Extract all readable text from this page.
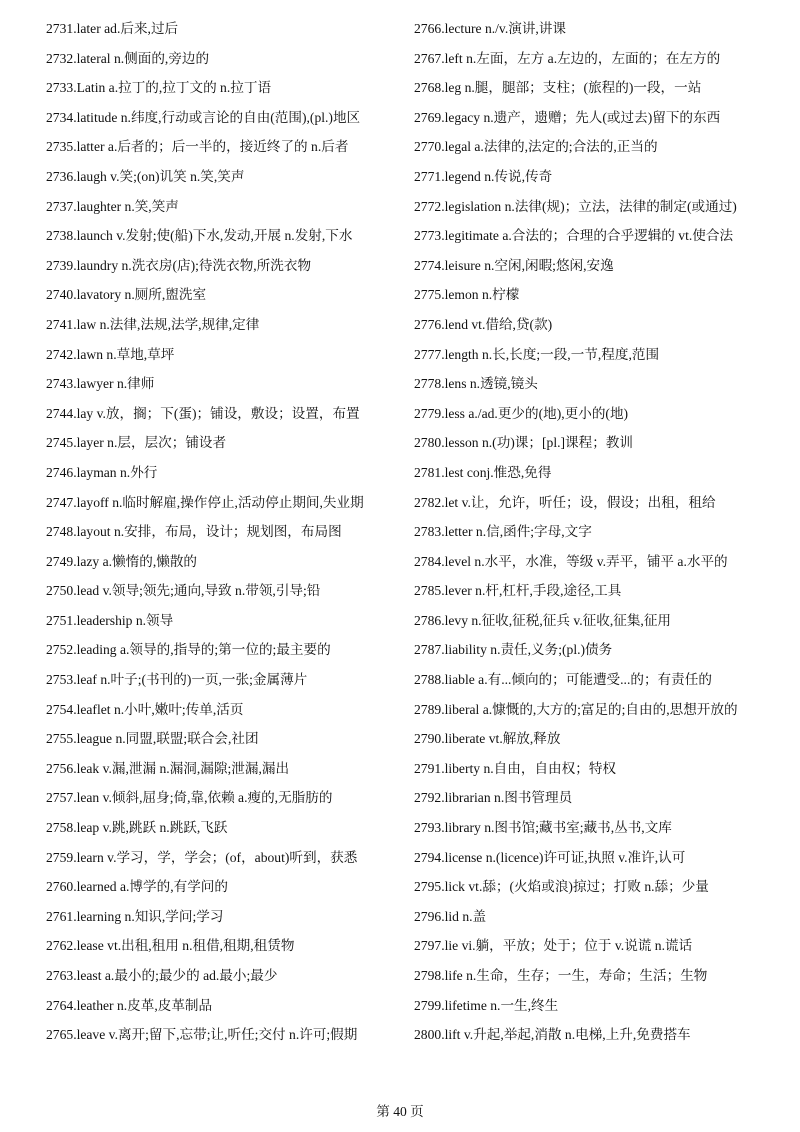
2731.later ad.后来,过后
2732.lateral n.侧面的,旁边的
2733.Latin a.拉丁的,拉丁文的 n.拉丁语
2734.latitude n.纬度,行动或言论的自由(范围),(pl.)地区
2735.latter a.后者的；后一半的，接近终了的 n.后者
2736.laugh v.笑;(on)讥笑 n.笑,笑声
2737.laughter n.笑,笑声
2738.launch v.发射;使(船)下水,发动,开展 n.发射,下水
2739.laundry n.洗衣房(店);待洗衣物,所洗衣物
2740.lavatory n.厕所,盥洗室
2741.law n.法律,法规,法学,规律,定律
2742.lawn n.草地,草坪
2743.lawyer n.律师
2744.lay v.放，搁；下(蛋)；铺设，敷设；设置，布置
2745.layer n.层，层次；铺设者
2746.layman n.外行
2747.layoff n.临时解雇,操作停止,活动停止期间,失业期
2748.layout n.安排，布局，设计；规划图，布局图
2749.lazy a.懒惰的,懒散的
2750.lead v.领导;领先;通向,导致 n.带领,引导;铅
2751.leadership n.领导
2752.leading a.领导的,指导的;第一位的;最主要的
2753.leaf n.叶子;(书刊的)一页,一张;金属薄片
2754.leaflet n.小叶,嫩叶;传单,活页
2755.league n.同盟,联盟;联合会,社团
2756.leak v.漏,泄漏 n.漏洞,漏隙;泄漏,漏出
2757.lean v.倾斜,屈身;倚,靠,依赖 a.瘦的,无脂肪的
2758.leap v.跳,跳跃 n.跳跃,飞跃
2759.learn v.学习，学，学会；(of，about)听到，获悉
2760.learned a.博学的,有学问的
2761.learning n.知识,学问;学习
2762.lease vt.出租,租用 n.租借,租期,租赁物
2763.least a.最小的;最少的 ad.最小;最少
2764.leather n.皮革,皮革制品
2765.leave v.离开;留下,忘带;让,听任;交付 n.许可;假期
2766.lecture n./v.演讲,讲课
2767.left n.左面，左方 a.左边的，左面的；在左方的
2768.leg n.腿，腿部；支柱；(旅程的)一段，一站
2769.legacy n.遗产，遗赠；先人(或过去)留下的东西
2770.legal a.法律的,法定的;合法的,正当的
2771.legend n.传说,传奇
2772.legislation n.法律(规)；立法，法律的制定(或通过)
2773.legitimate a.合法的；合理的合乎逻辑的 vt.使合法
2774.leisure n.空闲,闲暇;悠闲,安逸
2775.lemon n.柠檬
2776.lend vt.借给,贷(款)
2777.length n.长,长度;一段,一节,程度,范围
2778.lens n.透镜,镜头
2779.less a./ad.更少的(地),更小的(地)
2780.lesson n.(功)课；[pl.]课程；教训
2781.lest conj.惟恐,免得
2782.let v.让，允许，听任；设，假设；出租，租给
2783.letter n.信,函件;字母,文字
2784.level n.水平，水准，等级 v.弄平，铺平 a.水平的
2785.lever n.杆,杠杆,手段,途径,工具
2786.levy n.征收,征税,征兵 v.征收,征集,征用
2787.liability n.责任,义务;(pl.)债务
2788.liable a.有...倾向的；可能遭受...的；有责任的
2789.liberal a.慷慨的,大方的;富足的;自由的,思想开放的
2790.liberate vt.解放,释放
2791.liberty n.自由，自由权；特权
2792.librarian n.图书管理员
2793.library n.图书馆;藏书室;藏书,丛书,文库
2794.license n.(licence)许可证,执照 v.准许,认可
2795.lick vt.舔；(火焰或浪)掠过；打败 n.舔；少量
2796.lid n.盖
2797.lie vi.躺，平放；处于；位于 v.说谎 n.谎话
2798.life n.生命，生存；一生，寿命；生活；生物
2799.lifetime n.一生,终生
2800.lift v.升起,举起,消散 n.电梯,上升,免费搭车
第 40 页
